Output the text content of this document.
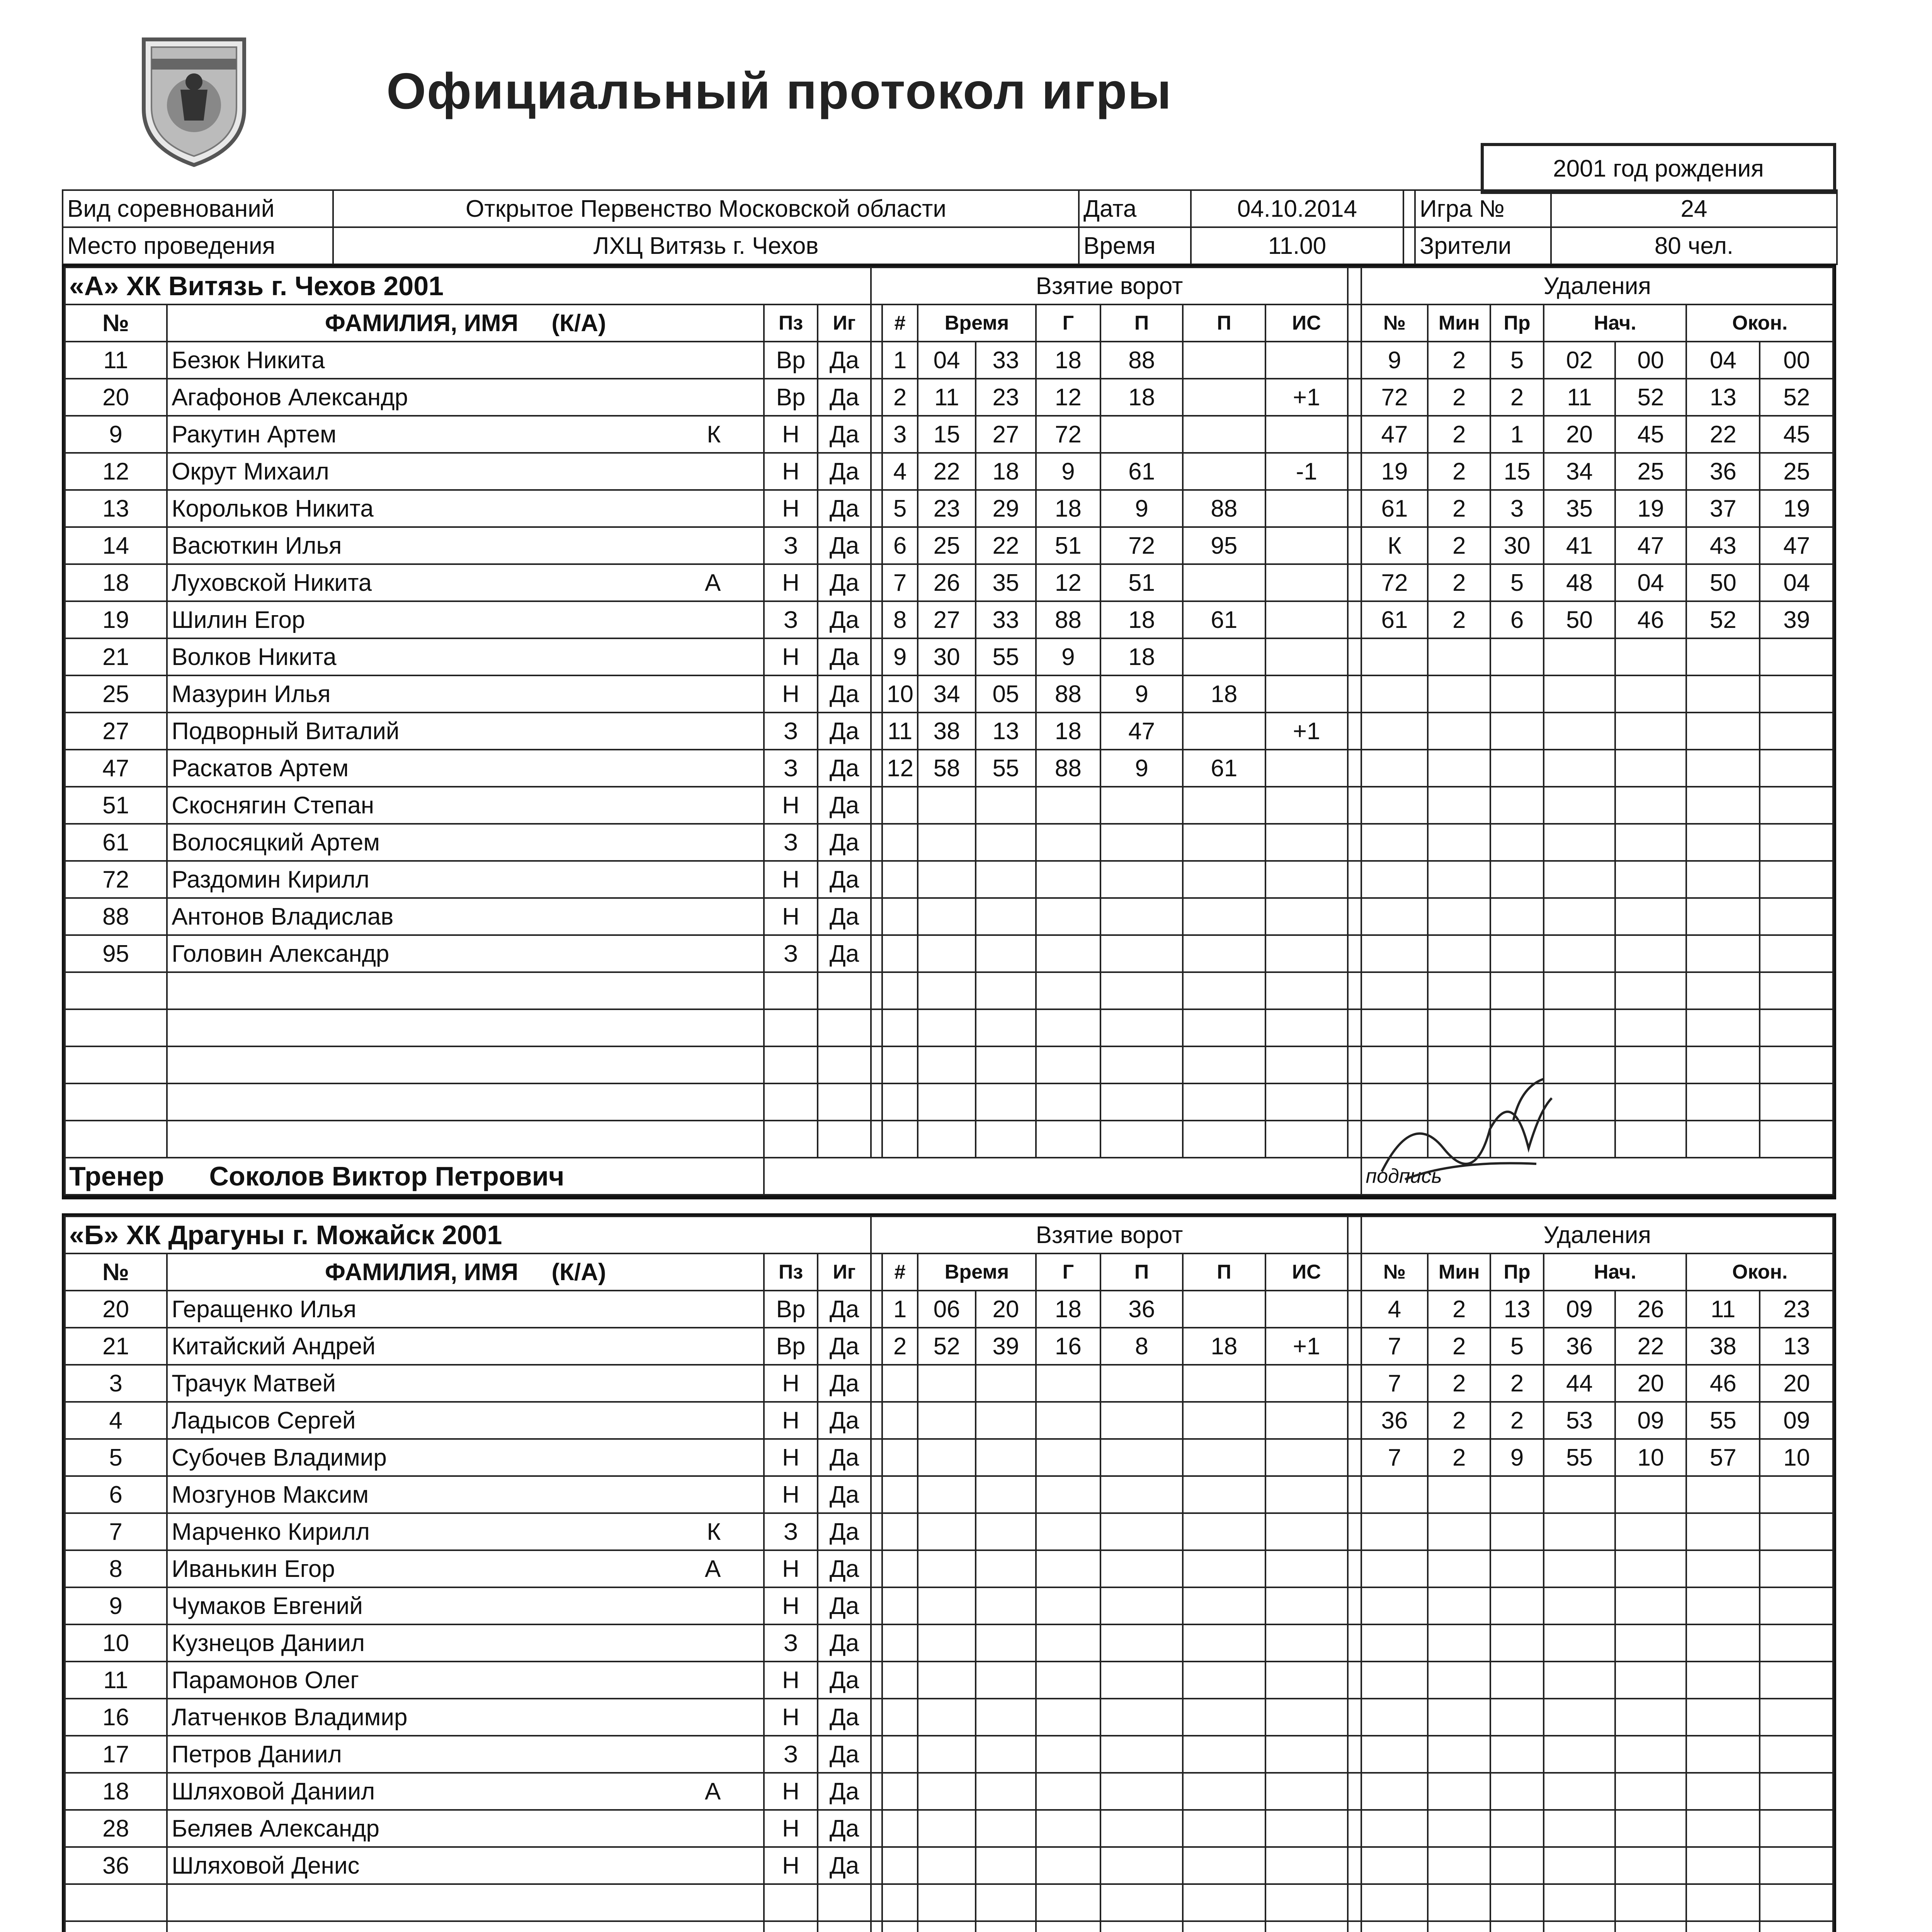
Официальный протокол игры
2001 год рождения
Вид соревнований	Открытое Первенство Московской области	Дата	04.10.2014		Игра №	24
Место проведения	ЛХЦ Витязь г. Чехов	Время	11.00		Зрители	80 чел.
«А» ХК Витязь г. Чехов 2001				Взятие ворот									Удаления						
№	ФАМИЛИЯ, ИМЯ (К/А)	Пз	Иг		#	Время		Г	П	П	ИС		№	Мин	Пр	Нач.		Окон.	
11	Безюк Никита	Вр	Да		1	04	33	18	88				9	2	5	02	00	04	00
20	Агафонов Александр	Вр	Да		2	11	23	12	18		+1		72	2	2	11	52	13	52
9	Ракутин Артем К	Н	Да		3	15	27	72					47	2	1	20	45	22	45
12	Окрут Михаил	Н	Да		4	22	18	9	61		-1		19	2	15	34	25	36	25
13	Корольков Никита	Н	Да		5	23	29	18	9	88			61	2	3	35	19	37	19
14	Васюткин Илья	З	Да		6	25	22	51	72	95			К	2	30	41	47	43	47
18	Луховской Никита А	Н	Да		7	26	35	12	51				72	2	5	48	04	50	04
19	Шилин Егор	З	Да		8	27	33	88	18	61			61	2	6	50	46	52	39
21	Волков Никита	Н	Да		9	30	55	9	18										
25	Мазурин Илья	Н	Да		10	34	05	88	9	18									
27	Подворный Виталий	З	Да		11	38	13	18	47		+1								
47	Раскатов Артем	З	Да		12	58	55	88	9	61									
51	Скоснягин Степан	Н	Да																
61	Волосяцкий Артем	З	Да																
72	Раздомин Кирилл	Н	Да																
88	Антонов Владислав	Н	Да																
95	Головин Александр	З	Да																

Тренер Соколов Виктор Петрович													подпись						
«Б» ХК Драгуны г. Можайск 2001				Взятие ворот									Удаления						
№	ФАМИЛИЯ, ИМЯ (К/А)	Пз	Иг		#	Время		Г	П	П	ИС		№	Мин	Пр	Нач.		Окон.	
20	Геращенко Илья	Вр	Да		1	06	20	18	36				4	2	13	09	26	11	23
21	Китайский Андрей	Вр	Да		2	52	39	16	8	18	+1		7	2	5	36	22	38	13
3	Трачук Матвей	Н	Да										7	2	2	44	20	46	20
4	Ладысов Сергей	Н	Да										36	2	2	53	09	55	09
5	Субочев Владимир	Н	Да										7	2	9	55	10	57	10
6	Мозгунов Максим	Н	Да																
7	Марченко Кирилл К	З	Да																
8	Иванькин Егор А	Н	Да																
9	Чумаков Евгений	Н	Да																
10	Кузнецов Даниил	З	Да																
11	Парамонов Олег	Н	Да																
16	Латченков Владимир	Н	Да																
17	Петров Даниил	З	Да																
18	Шляховой Даниил А	Н	Да																
28	Беляев Александр	Н	Да																
36	Шляховой Денис	Н	Да																
